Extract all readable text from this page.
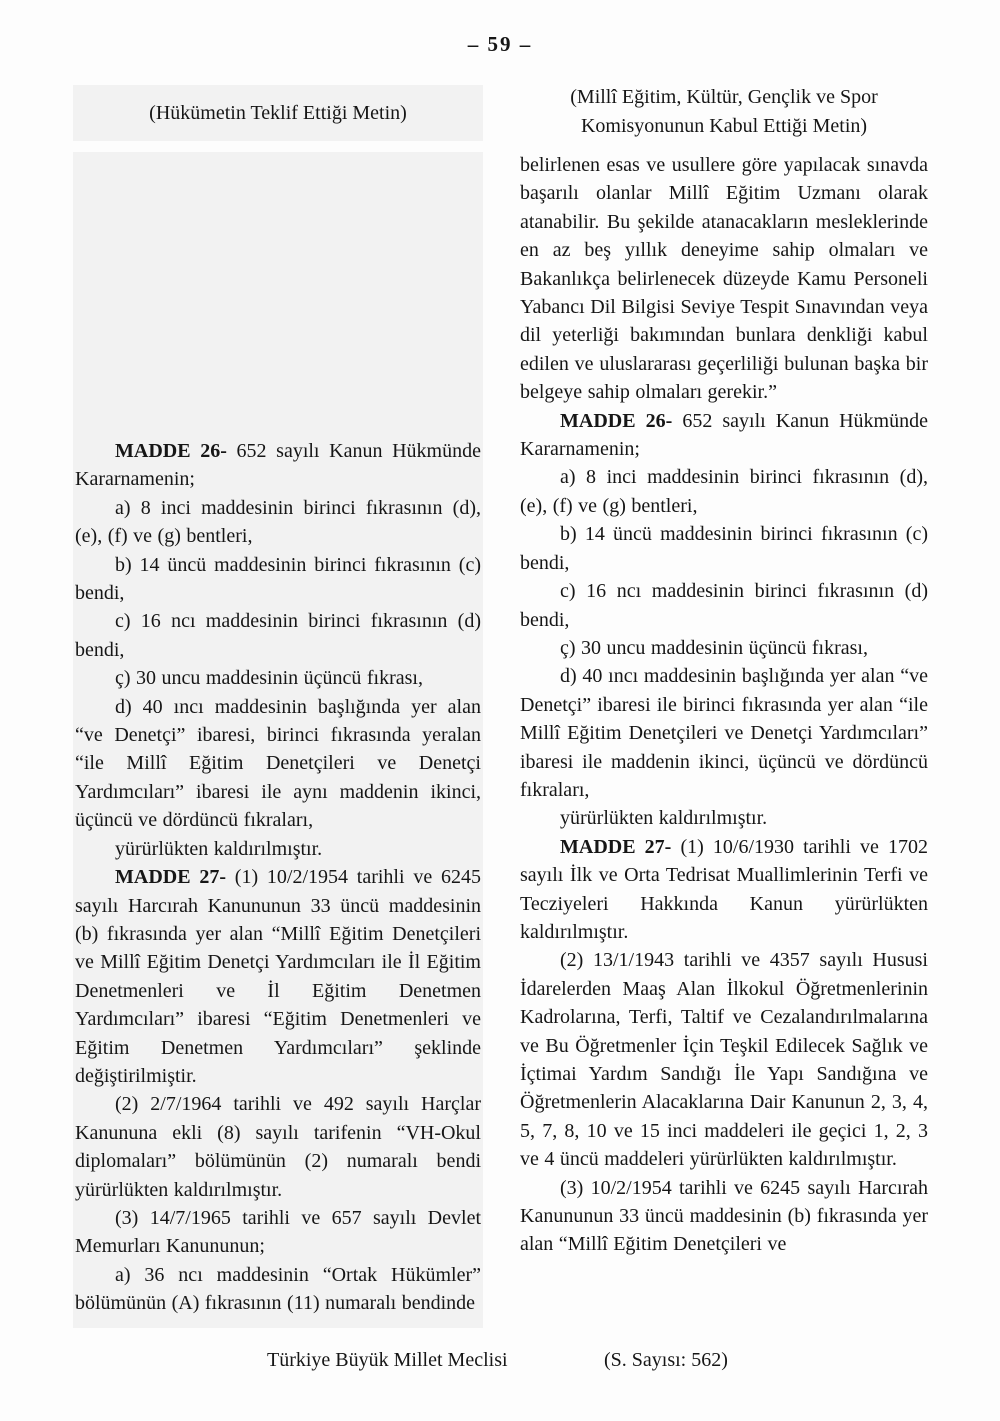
– 59 –
(Hükümetin Teklif Ettiği Metin)

MADDE 26- 652 sayılı Kanun Hükmünde Kararnamenin;

a) 8 inci maddesinin birinci fıkrasının (d), (e), (f) ve (g) bentleri,

b) 14 üncü maddesinin birinci fıkrasının (c) bendi,

c) 16 ncı maddesinin birinci fıkrasının (d) bendi,

ç) 30 uncu maddesinin üçüncü fıkrası,

d) 40 ıncı maddesinin başlığında yer alan “ve Denetçi” ibaresi, birinci fıkrasında yeralan “ile Millî Eğitim Denetçileri ve Denetçi Yardımcıları” ibaresi ile aynı maddenin ikinci, üçüncü ve dördüncü fıkraları,

yürürlükten kaldırılmıştır.

MADDE 27- (1) 10/2/1954 tarihli ve 6245 sayılı Harcırah Kanununun 33 üncü maddesinin (b) fıkrasında yer alan “Millî Eğitim Denetçileri ve Millî Eğitim Denetçi Yardımcıları ile İl Eğitim Denetmenleri ve İl Eğitim Denetmen Yardımcıları” ibaresi “Eğitim Denetmenleri ve Eğitim Denetmen Yardımcıları” şeklinde değiştirilmiştir.

(2) 2/7/1964 tarihli ve 492 sayılı Harçlar Kanununa ekli (8) sayılı tarifenin “VH-Okul diplomaları” bölümünün (2) numaralı bendi yürürlükten kaldırılmıştır.

(3) 14/7/1965 tarihli ve 657 sayılı Devlet Memurları Kanununun;

a) 36 ncı maddesinin “Ortak Hükümler” bölümünün (A) fıkrasının (11) numaralı bendinde

(Millî Eğitim, Kültür, Gençlik ve Spor
Komisyonunun Kabul Ettiği Metin)

belirlenen esas ve usullere göre yapılacak sınavda başarılı olanlar Millî Eğitim Uzmanı olarak atanabilir. Bu şekilde atanacakların mesleklerinde en az beş yıllık deneyime sahip olmaları ve Bakanlıkça belirlenecek düzeyde Kamu Personeli Yabancı Dil Bilgisi Seviye Tespit Sınavından veya dil yeterliği bakımından bunlara denkliği kabul edilen ve uluslararası geçerliliği bulunan başka bir belgeye sahip olmaları gerekir.”

MADDE 26- 652 sayılı Kanun Hükmünde Kararnamenin;

a) 8 inci maddesinin birinci fıkrasının (d), (e), (f) ve (g) bentleri,

b) 14 üncü maddesinin birinci fıkrasının (c) bendi,

c) 16 ncı maddesinin birinci fıkrasının (d) bendi,

ç) 30 uncu maddesinin üçüncü fıkrası,

d) 40 ıncı maddesinin başlığında yer alan “ve Denetçi” ibaresi ile birinci fıkrasında yer alan “ile Millî Eğitim Denetçileri ve Denetçi Yardımcıları” ibaresi ile maddenin ikinci, üçüncü ve dördüncü fıkraları,

yürürlükten kaldırılmıştır.

MADDE 27- (1) 10/6/1930 tarihli ve 1702 sayılı İlk ve Orta Tedrisat Muallimlerinin Terfi ve Tecziyeleri Hakkında Kanun yürürlükten kaldırılmıştır.

(2) 13/1/1943 tarihli ve 4357 sayılı Hususi İdarelerden Maaş Alan İlkokul Öğretmenlerinin Kadrolarına, Terfi, Taltif ve Cezalandırılmalarına ve Bu Öğretmenler İçin Teşkil Edilecek Sağlık ve İçtimai Yardım Sandığı İle Yapı Sandığına ve Öğretmenlerin Alacaklarına Dair Kanunun 2, 3, 4, 5, 7, 8, 10 ve 15 inci maddeleri ile geçici 1, 2, 3 ve 4 üncü maddeleri yürürlükten kaldırılmıştır.

(3) 10/2/1954 tarihli ve 6245 sayılı Harcırah Kanununun 33 üncü maddesinin (b) fıkrasında yer alan “Millî Eğitim Denetçileri ve

Türkiye Büyük Millet Meclisi	(S. Sayısı: 562)
